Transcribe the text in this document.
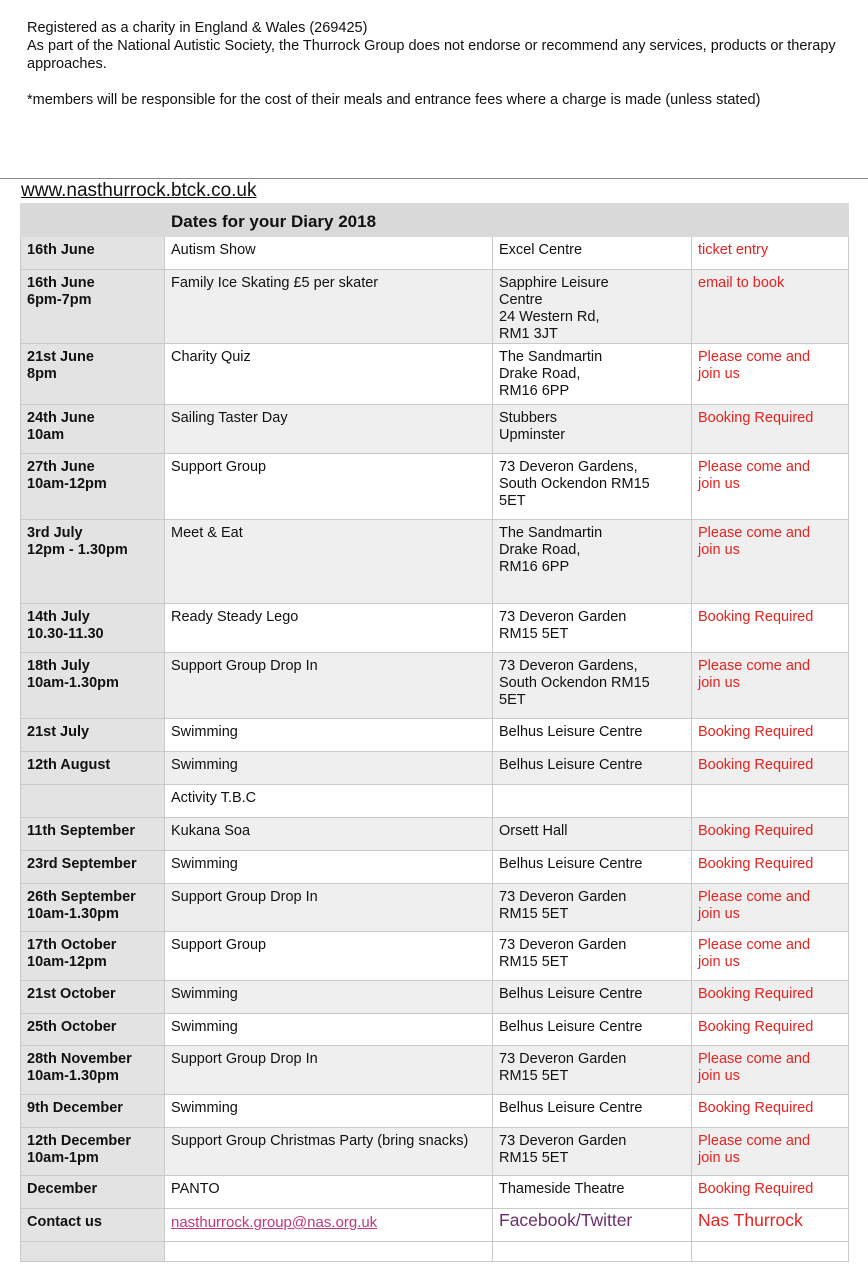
Registered as a charity in England & Wales (269425)

As part of the National Autistic Society, the Thurrock Group does not endorse or recommend any services, products or therapy approaches.

*members will be responsible for the cost of their meals and entrance fees where a charge is made (unless stated)

www.nasthurrock.btck.co.uk
	Dates for your Diary 2018		

16th June	Autism Show	Excel Centre	ticket entry

16th June
6pm-7pm	Family Ice Skating £5 per skater	Sapphire Leisure
Centre
24 Western Rd,
RM1 3JT	email to book

21st June
8pm	Charity Quiz	The Sandmartin
Drake Road,
RM16 6PP	Please come and
join us

24th June
10am	Sailing Taster Day	Stubbers
Upminster	Booking Required

27th June
10am-12pm	Support Group	73 Deveron Gardens,
South Ockendon RM15
5ET	Please come and
join us

3rd July
12pm - 1.30pm	Meet & Eat	The Sandmartin
Drake Road,
RM16 6PP	Please come and
join us

14th July
10.30-11.30	Ready Steady Lego	73 Deveron Garden
RM15 5ET	Booking Required

18th July
10am-1.30pm	Support Group Drop In	73 Deveron Gardens,
South Ockendon RM15
5ET	Please come and
join us

21st July	Swimming	Belhus Leisure Centre	Booking Required

12th August	Swimming	Belhus Leisure Centre	Booking Required

	Activity T.B.C	

11th September	Kukana Soa	Orsett Hall	Booking Required

23rd September	Swimming	Belhus Leisure Centre	Booking Required

26th September
10am-1.30pm	Support Group Drop In	73 Deveron Garden
RM15 5ET	Please come and
join us

17th October
10am-12pm	Support Group	73 Deveron Garden
RM15 5ET	Please come and
join us

21st October	Swimming	Belhus Leisure Centre	Booking Required

25th October	Swimming	Belhus Leisure Centre	Booking Required

28th November
10am-1.30pm	Support Group Drop In	73 Deveron Garden
RM15 5ET	Please come and
join us

9th December	Swimming	Belhus Leisure Centre	Booking Required

12th December
10am-1pm	Support Group Christmas Party (bring snacks)	73 Deveron Garden
RM15 5ET	Please come and
join us

December	PANTO	Thameside Theatre	Booking Required

Contact us	nasthurrock.group@nas.org.uk	Facebook/Twitter	Nas Thurrock
